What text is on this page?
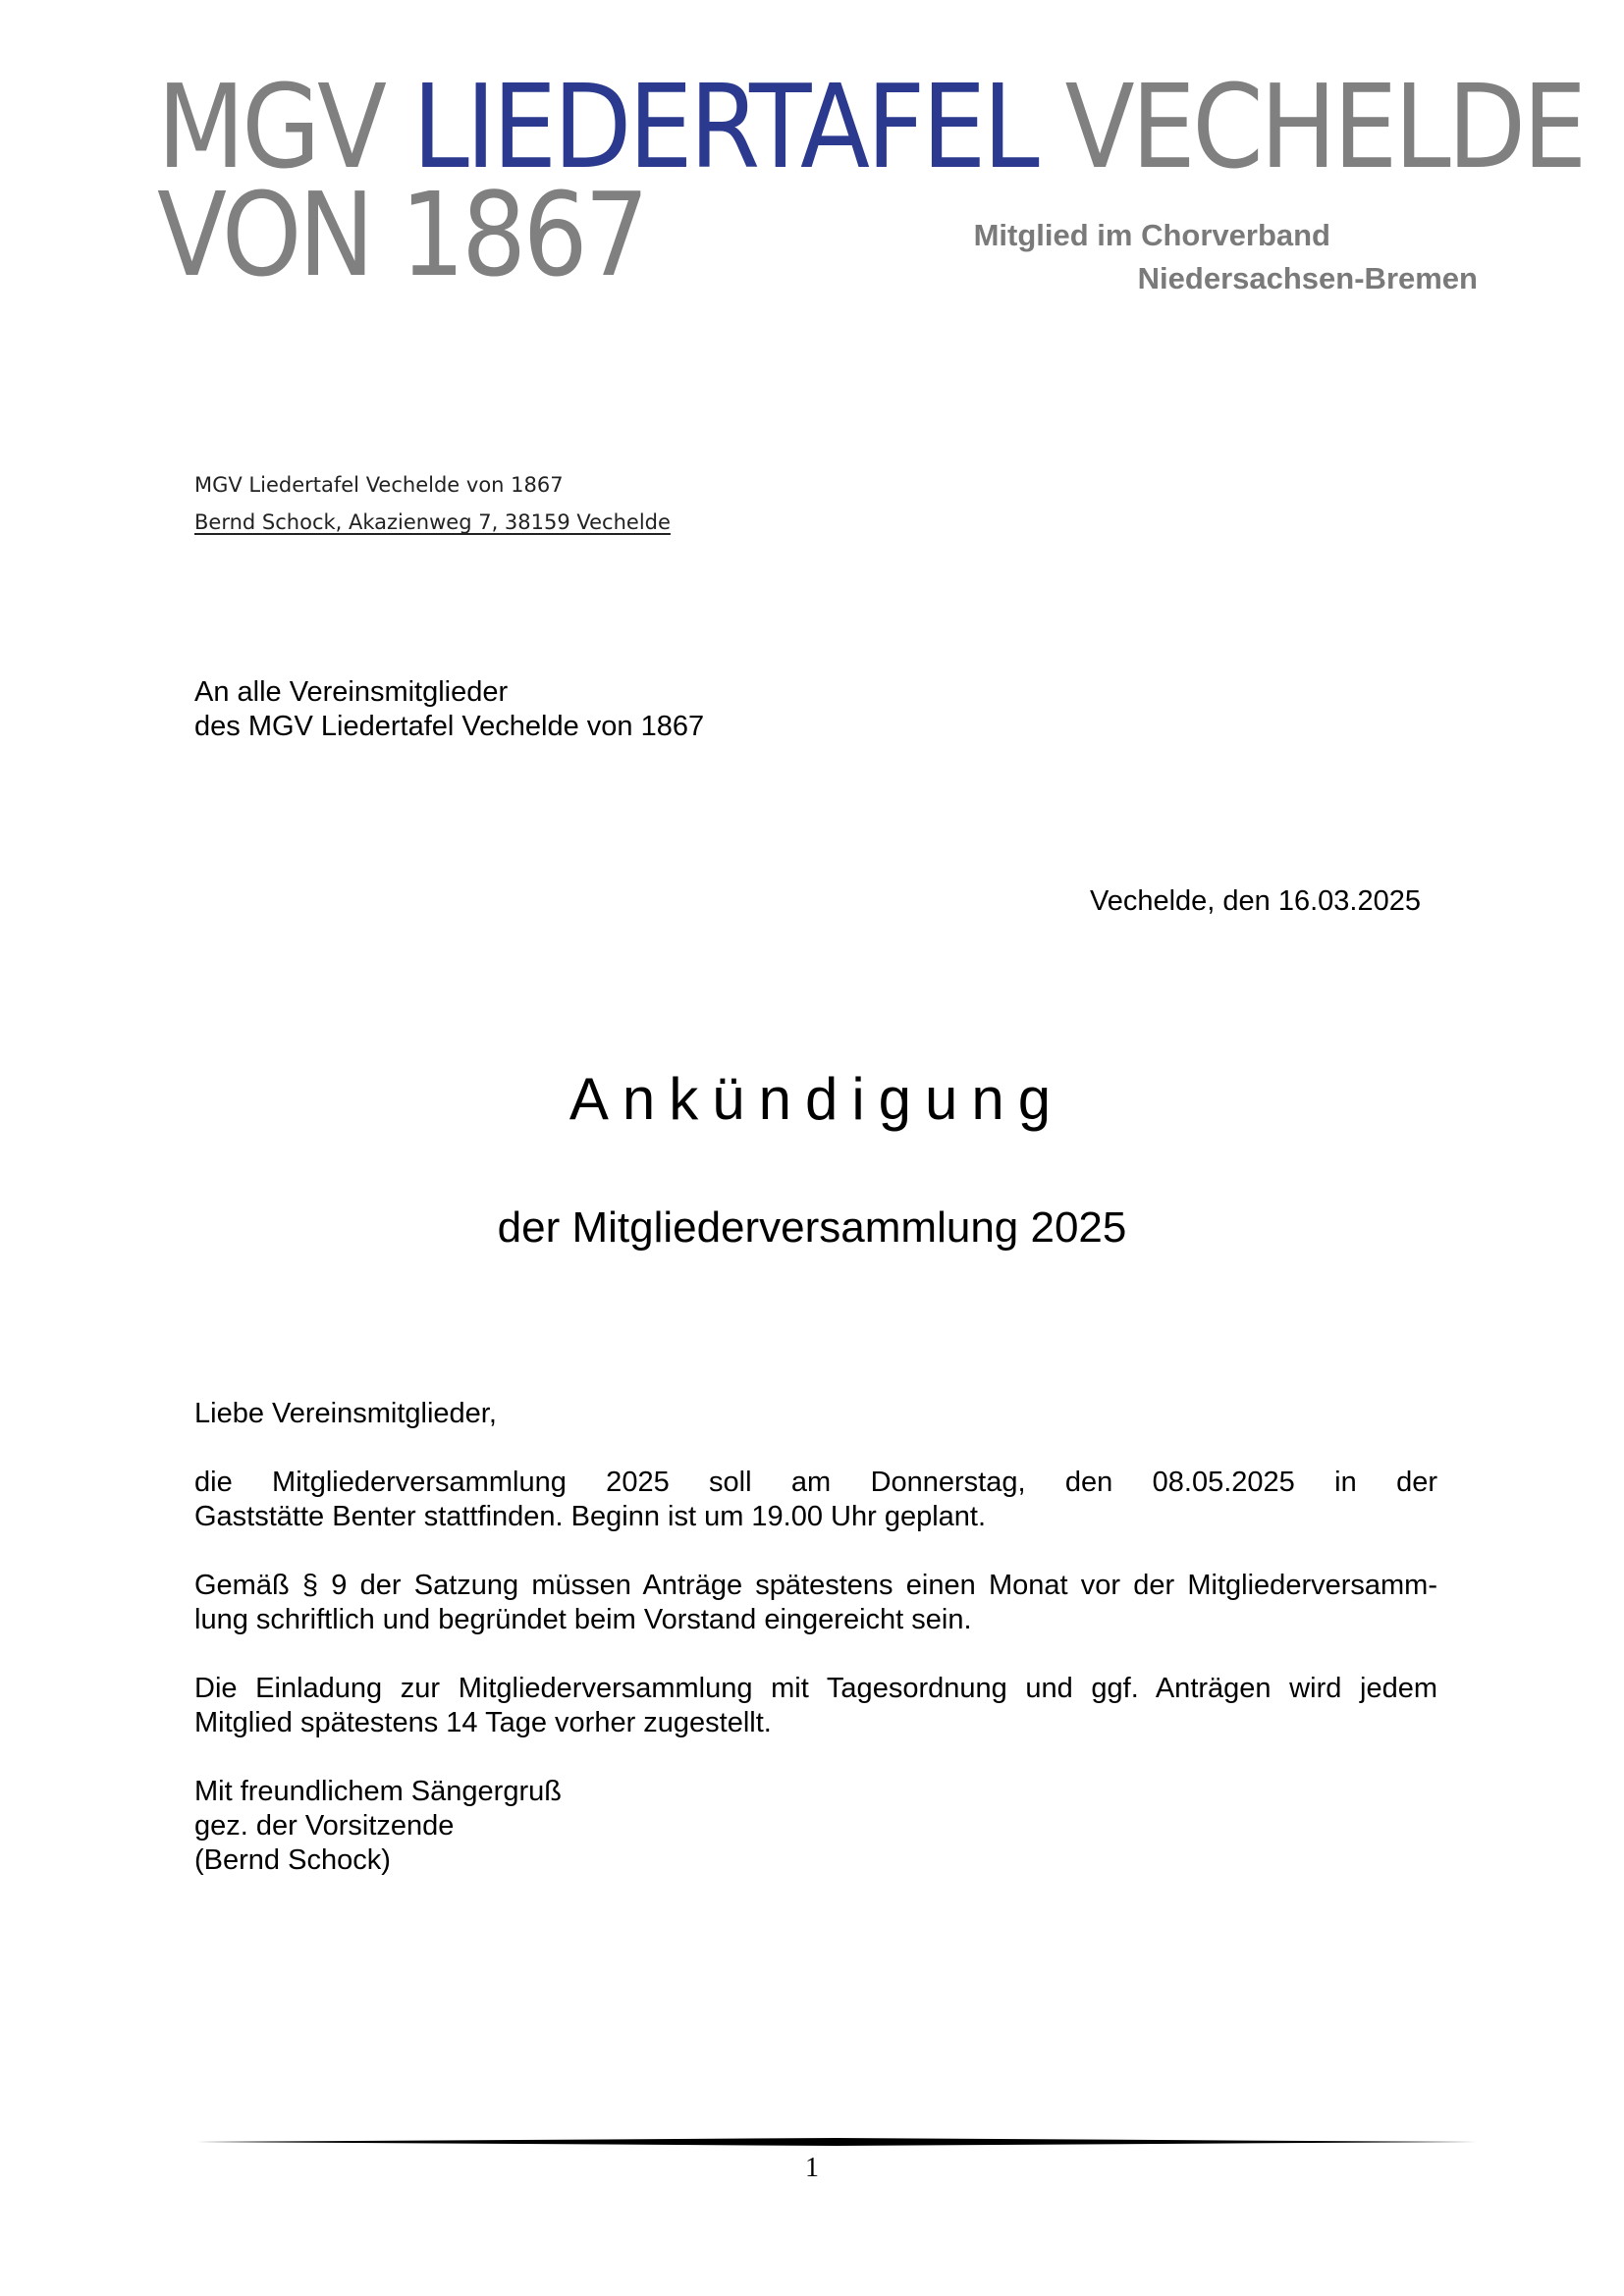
MGV LIEDERTAFEL VECHELDE
VON 1867	Mitglied im Chorverband
Niedersachsen-Bremen
MGV Liedertafel Vechelde von 1867
Bernd Schock, Akazienweg 7, 38159 Vechelde
An alle Vereinsmitglieder
des MGV Liedertafel Vechelde von 1867
Vechelde, den 16.03.2025
Ankündigung
der Mitgliederversammlung 2025

Liebe Vereinsmitglieder,

die Mitgliederversammlung 2025 soll am Donnerstag, den 08.05.2025 in der
Gaststätte Benter stattfinden. Beginn ist um 19.00 Uhr geplant.

Gemäß § 9 der Satzung müssen Anträge spätestens einen Monat vor der Mitgliederversamm-
lung schriftlich und begründet beim Vorstand eingereicht sein.

Die Einladung zur Mitgliederversammlung mit Tagesordnung und ggf. Anträgen wird jedem
Mitglied spätestens 14 Tage vorher zugestellt.

Mit freundlichem Sängergruß
gez. der Vorsitzende
(Bernd Schock)

1
